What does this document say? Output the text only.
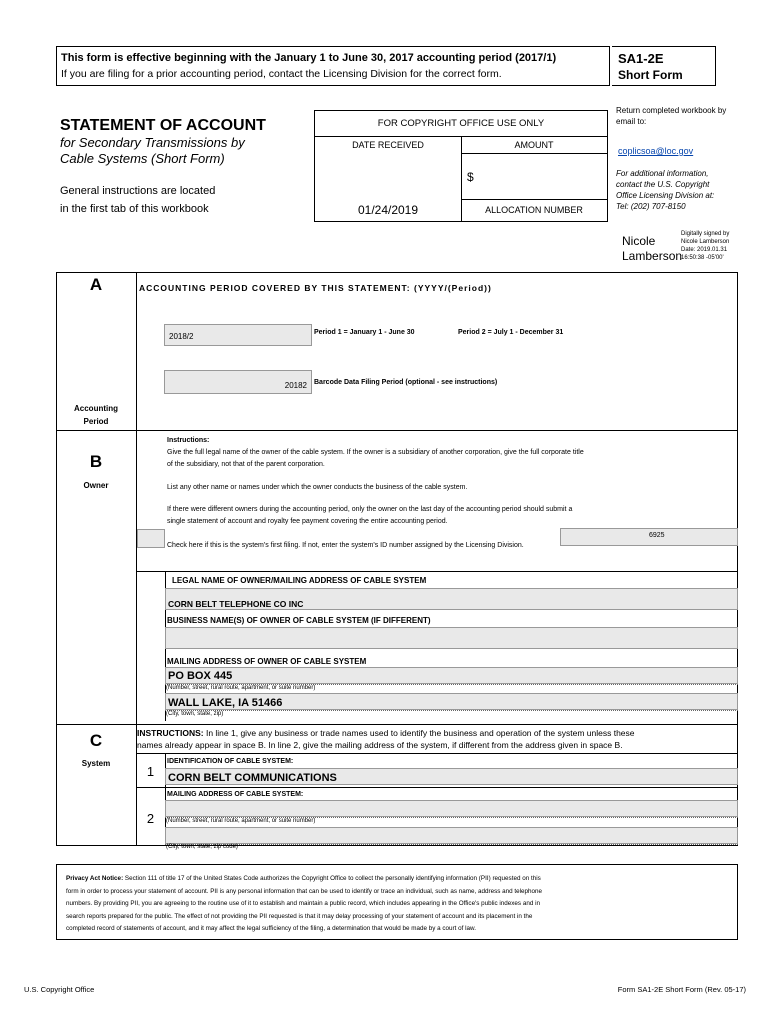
This form is effective beginning with the January 1 to June 30, 2017 accounting period (2017/1)
If you are filing for a prior accounting period, contact the Licensing Division for the correct form.
SA1-2E
Short Form
Return completed workbook by email to:
coplicsoa@loc.gov
For additional information, contact the U.S. Copyright Office Licensing Division at: Tel: (202) 707-8150
Nicole
Lamberson
Digitally signed by Nicole Lamberson Date: 2019.01.31 16:50:38 -05'00'
STATEMENT OF ACCOUNT
for Secondary Transmissions by
Cable Systems (Short Form)
General instructions are located
in the first tab of this workbook
FOR COPYRIGHT OFFICE USE ONLY
DATE RECEIVED	AMOUNT
01/24/2019
$
ALLOCATION NUMBER
A
Accounting
Period
ACCOUNTING PERIOD COVERED BY THIS STATEMENT: (YYYY/(Period))
2018/2	Period 1 = January 1 - June 30	Period 2 = July 1 - December 31
20182	Barcode Data Filing Period (optional - see instructions)
B
Owner
Instructions:
Give the full legal name of the owner of the cable system. If the owner is a subsidiary of another corporation, give the full corporate title
of the subsidiary, not that of the parent corporation.
List any other name or names under which the owner conducts the business of the cable system.
If there were different owners during the accounting period, only the owner on the last day of the accounting period should submit a
single statement of account and royalty fee payment covering the entire accounting period.
Check here if this is the system's first filing. If not, enter the system's ID number assigned by the Licensing Division.
6925
LEGAL NAME OF OWNER/MAILING ADDRESS OF CABLE SYSTEM
CORN BELT TELEPHONE CO INC
BUSINESS NAME(S) OF OWNER OF CABLE SYSTEM (IF DIFFERENT)
MAILING ADDRESS OF OWNER OF CABLE SYSTEM
PO BOX 445
(Number, street, rural route, apartment, or suite number)
WALL LAKE, IA 51466
(City, town, state, zip)
C
System
INSTRUCTIONS: In line 1, give any business or trade names used to identify the business and operation of the system unless these
names already appear in space B. In line 2, give the mailing address of the system, if different from the address given in space B.
1
IDENTIFICATION OF CABLE SYSTEM:
CORN BELT COMMUNICATIONS
MAILING ADDRESS OF CABLE SYSTEM:
2	(Number, street, rural route, apartment, or suite number)
(City, town, state, zip code)
Privacy Act Notice: Section 111 of title 17 of the United States Code authorizes the Copyright Office to collect the personally identifying information (PII) requested on this
form in order to process your statement of account. PII is any personal information that can be used to identify or trace an individual, such as name, address and telephone
numbers. By providing PII, you are agreeing to the routine use of it to establish and maintain a public record, which includes appearing in the Office's public indexes and in
search reports prepared for the public. The effect of not providing the PII requested is that it may delay processing of your statement of account and its placement in the
completed record of statements of account, and it may affect the legal sufficiency of the filing, a determination that would be made by a court of law.
U.S. Copyright Office	Form SA1-2E Short Form (Rev. 05-17)
